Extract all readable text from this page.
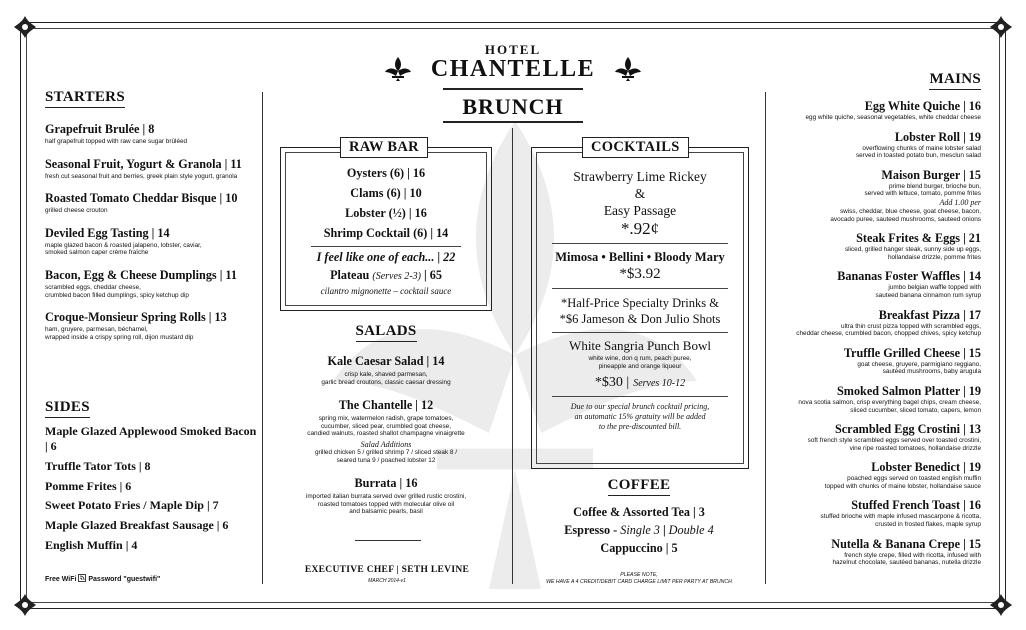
HOTEL
CHANTELLE
BRUNCH
STARTERS
Grapefruit Brulée | 8
half grapefruit topped with raw cane sugar brûléed
Seasonal Fruit, Yogurt & Granola | 11
fresh cut seasonal fruit and berries, greek plain style yogurt, granola
Roasted Tomato Cheddar Bisque | 10
grilled cheese crouton
Deviled Egg Tasting | 14
maple glazed bacon & roasted jalapeno, lobster, caviar,
smoked salmon caper crème fraîche
Bacon, Egg & Cheese Dumplings | 11
scrambled eggs, cheddar cheese,
crumbled bacon filled dumplings, spicy ketchup dip
Croque-Monsieur Spring Rolls | 13
ham, gruyere, parmesan, béchamel,
wrapped inside a crispy spring roll, dijon mustard dip
SIDES
Maple Glazed Applewood Smoked Bacon | 6
Truffle Tator Tots | 8
Pomme Frites | 6
Sweet Potato Fries / Maple Dip | 7
Maple Glazed Breakfast Sausage | 6
English Muffin | 4
Free WiFi Password "guestwifi"
RAW BAR
Oysters (6) | 16
Clams (6) | 10
Lobster (½) | 16
Shrimp Cocktail (6) | 14
I feel like one of each... | 22
Plateau (Serves 2-3) | 65
cilantro mignonette – cocktail sauce
SALADS
Kale Caesar Salad | 14
crisp kale, shaved parmesan,
garlic bread croutons, classic caesar dressing
The Chantelle | 12
spring mix, watermelon radish, grape tomatoes,
cucumber, sliced pear, crumbled goat cheese,
candied walnuts, roasted shallot champagne vinaigrette
Salad Additions
grilled chicken 5 / grilled shrimp 7 / sliced steak 8 /
seared tuna 9 / poached lobster 12
Burrata | 16
imported italian burrata served over grilled rustic crostini,
roasted tomatoes topped with molecular olive oil
and balsamic pearls, basil
EXECUTIVE CHEF | SETH LEVINE
MARCH 2014-v1
COCKTAILS
Strawberry Lime Rickey
&
Easy Passage
*.92¢
Mimosa • Bellini • Bloody Mary
*$3.92
*Half-Price Specialty Drinks &
*$6 Jameson & Don Julio Shots
White Sangria Punch Bowl
white wine, don q rum, peach puree,
pineapple and orange liqueur
*$30 | Serves 10-12
Due to our special brunch cocktail pricing,
an automatic 15% gratuity will be added
to the pre-discounted bill.
COFFEE
Coffee & Assorted Tea | 3
Espresso - Single 3 | Double 4
Cappuccino | 5
PLEASE NOTE,
WE HAVE A 4 CREDIT/DEBIT CARD CHARGE LIMIT PER PARTY AT BRUNCH
MAINS
Egg White Quiche | 16
egg white quiche, seasonal vegetables, white cheddar cheese
Lobster Roll | 19
overflowing chunks of maine lobster salad
served in toasted potato bun, mesclun salad
Maison Burger | 15
prime blend burger, brioche bun,
served with lettuce, tomato, pomme frites
Add 1.00 per
swiss, cheddar, blue cheese, goat cheese, bacon,
avocado puree, sauteed mushrooms, sauteed onions
Steak Frites & Eggs | 21
sliced, grilled hanger steak, sunny side up eggs,
hollandaise drizzle, pomme frites
Bananas Foster Waffles | 14
jumbo belgian waffle topped with
sauteed banana cinnamon rum syrup
Breakfast Pizza | 17
ultra thin crust pizza topped with scrambled eggs,
cheddar cheese, crumbled bacon, chopped chives, spicy ketchup
Truffle Grilled Cheese | 15
goat cheese, gruyere, parmigiano reggiano,
sautéed mushrooms, baby arugula
Smoked Salmon Platter | 19
nova scotia salmon, crisp everything bagel chips, cream cheese,
sliced cucumber, sliced tomato, capers, lemon
Scrambled Egg Crostini | 13
soft french style scrambled eggs served over toasted crostini,
vine ripe roasted tomatoes, hollandaise drizzle
Lobster Benedict | 19
poached eggs served on toasted english muffin
topped with chunks of maine lobster, hollandaise sauce
Stuffed French Toast | 16
stuffed brioche with maple infused mascarpone & ricotta,
crusted in frosted flakes, maple syrup
Nutella & Banana Crepe | 15
french style crepe, filled with ricotta, infused with
hazelnut chocolate, sautéed bananas, nutella drizzle
